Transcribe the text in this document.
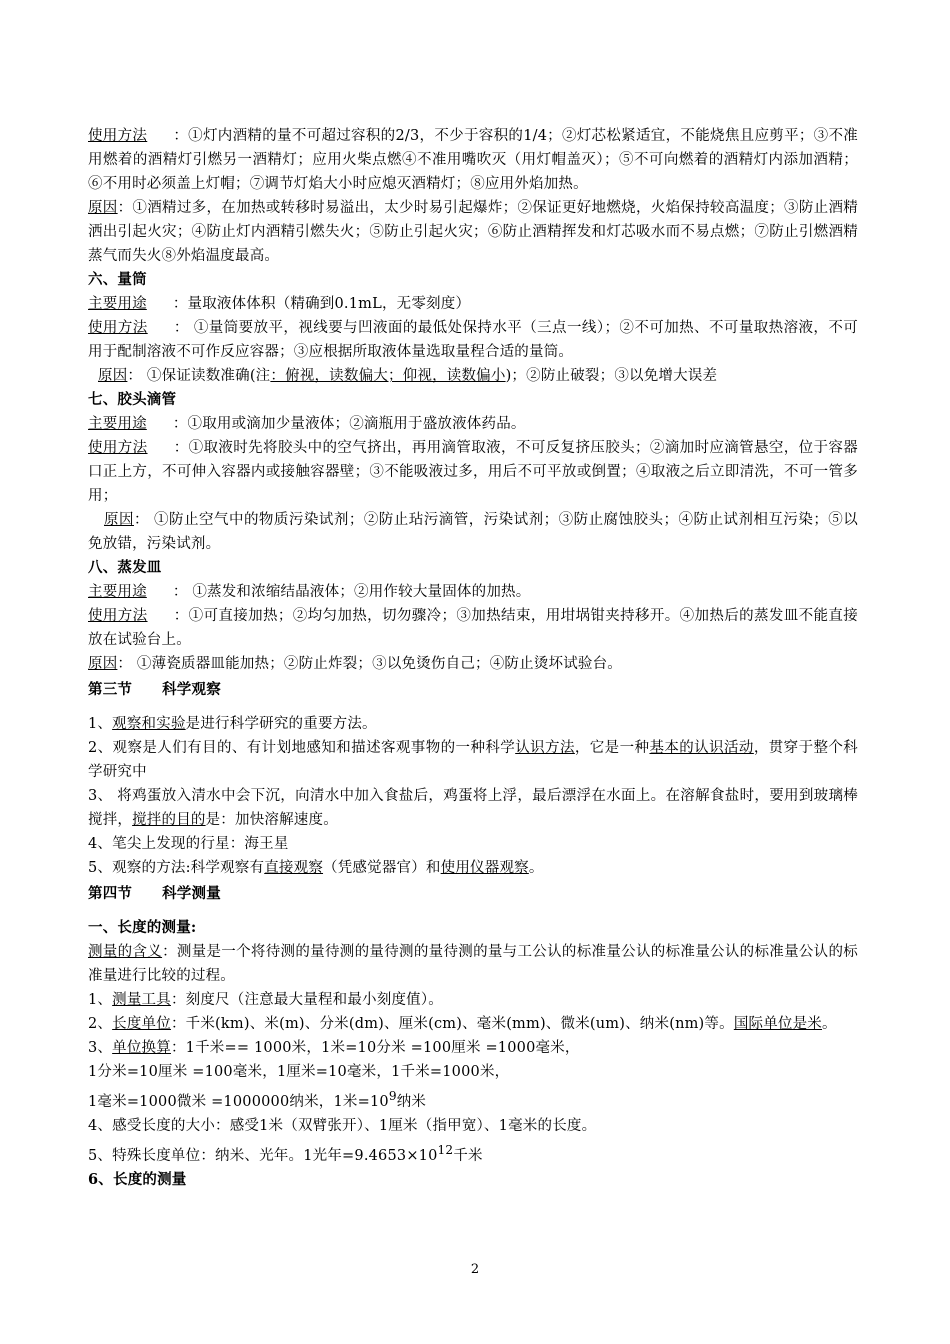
使用方法 ：①灯内酒精的量不可超过容积的2/3，不少于容积的1/4；②灯芯松紧适宜，不能烧焦且应剪平；③不准用燃着的酒精灯引燃另一酒精灯；应用火柴点燃④不准用嘴吹灭（用灯帽盖灭）；⑤不可向燃着的酒精灯内添加酒精；⑥不用时必须盖上灯帽；⑦调节灯焰大小时应熄灭酒精灯；⑧应用外焰加热。

原因：①酒精过多，在加热或转移时易溢出，太少时易引起爆炸；②保证更好地燃烧，火焰保持较高温度；③防止酒精洒出引起火灾；④防止灯内酒精引燃失火；⑤防止引起火灾；⑥防止酒精挥发和灯芯吸水而不易点燃；⑦防止引燃酒精蒸气而失火⑧外焰温度最高。

六、量筒

主要用途 ：量取液体体积（精确到0.1mL，无零刻度）

使用方法 ： ①量筒要放平，视线要与凹液面的最低处保持水平（三点一线）；②不可加热、不可量取热溶液，不可用于配制溶液不可作反应容器；③应根据所取液体量选取量程合适的量筒。

原因： ①保证读数准确(注：俯视，读数偏大；仰视，读数偏小)；②防止破裂；③以免增大误差

七、胶头滴管

主要用途 ：①取用或滴加少量液体；②滴瓶用于盛放液体药品。

使用方法 ：①取液时先将胶头中的空气挤出，再用滴管取液，不可反复挤压胶头；②滴加时应滴管悬空，位于容器口正上方，不可伸入容器内或接触容器壁；③不能吸液过多，用后不可平放或倒置；④取液之后立即清洗，不可一管多用；

原因： ①防止空气中的物质污染试剂；②防止玷污滴管，污染试剂；③防止腐蚀胶头；④防止试剂相互污染；⑤以免放错，污染试剂。

八、蒸发皿

主要用途 ： ①蒸发和浓缩结晶液体；②用作较大量固体的加热。

使用方法 ：①可直接加热；②均匀加热，切勿骤冷；③加热结束，用坩埚钳夹持移开。④加热后的蒸发皿不能直接放在试验台上。

原因： ①薄瓷质器皿能加热；②防止炸裂；③以免烫伤自己；④防止烫坏试验台。

第三节 科学观察

1、观察和实验是进行科学研究的重要方法。

2、观察是人们有目的、有计划地感知和描述客观事物的一种科学认识方法，它是一种基本的认识活动，贯穿于整个科学研究中

3、 将鸡蛋放入清水中会下沉，向清水中加入食盐后，鸡蛋将上浮，最后漂浮在水面上。在溶解食盐时，要用到玻璃棒搅拌，搅拌的目的是：加快溶解速度。

4、笔尖上发现的行星：海王星

5、观察的方法:科学观察有直接观察（凭感觉器官）和使用仪器观察。

第四节 科学测量

一、长度的测量:

测量的含义：测量是一个将待测的量待测的量待测的量待测的量与工公认的标准量公认的标准量公认的标准量公认的标准量进行比较的过程。

1、测量工具：刻度尺（注意最大量程和最小刻度值）。

2、长度单位：千米(km)、米(m)、分米(dm)、厘米(cm)、毫米(mm)、微米(um)、纳米(nm)等。国际单位是米。

3、单位换算：1千米== 1000米，1米=10分米 =100厘米 =1000毫米，

1分米=10厘米 =100毫米，1厘米=10毫米，1千米=1000米，

1毫米=1000微米 =1000000纳米，1米$=10^9$纳米

4、感受长度的大小：感受1米（双臂张开）、1厘米（指甲宽）、1毫米的长度。

5、特殊长度单位：纳米、光年。1光年$=9.4653\times 10^{12}$千米

6、长度的测量

2
